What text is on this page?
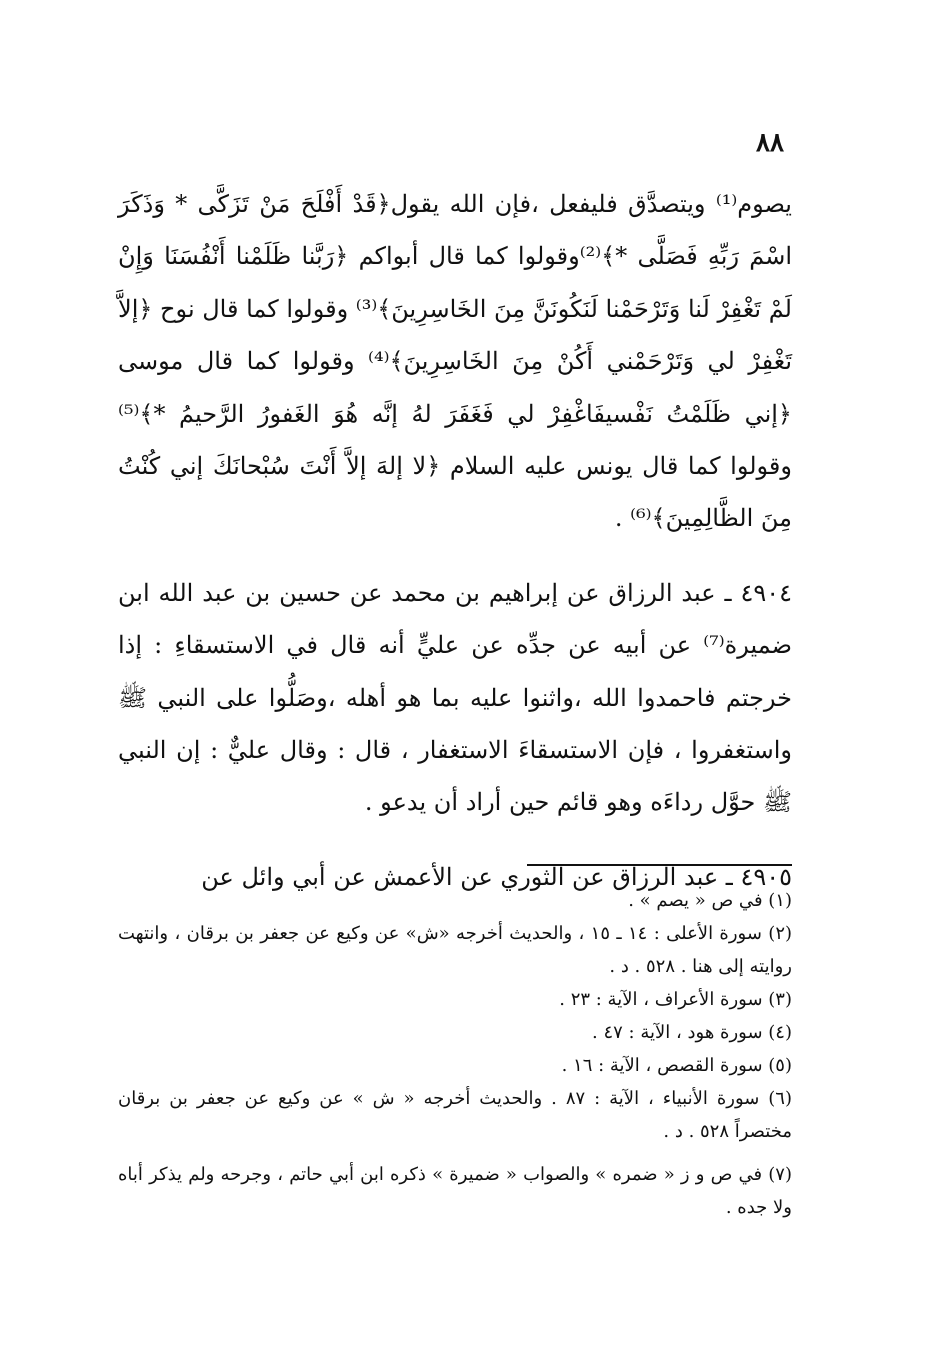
٨٨

يصوم⁽¹⁾ ويتصدَّق فليفعل ،فإن الله يقول﴿قَدْ أَفْلَحَ مَنْ تَزَكَّى * وَذَكَرَ اسْمَ رَبِّهِ فَصَلَّى *﴾⁽²⁾وقولوا كما قال أبواكم ﴿رَبَّنا ظَلَمْنا أَنْفُسَنَا وَإِنْ لَمْ تَغْفِرْ لَنا وَتَرْحَمْنا لَنَكُونَنَّ مِنَ الخَاسِرِينَ﴾⁽³⁾ وقولوا كما قال نوح ﴿إلاَّ تَغْفِرْ لي وَتَرْحَمْني أَكُنْ مِنَ الخَاسِرِينَ﴾⁽⁴⁾ وقولوا كما قال موسى ﴿إني ظَلَمْتُ نَفْسيفَاغْفِرْ لي فَغَفَرَ لهُ إنَّه هُوَ الغَفورُ الرَّحيمُ *﴾⁽⁵⁾وقولوا كما قال يونس عليه السلام ﴿لا إلهَ إلاَّ أَنْتَ سُبْحانَكَ إني كُنْتُ مِنَ الظَّالِمِينَ﴾⁽⁶⁾ .

٤٩٠٤ ـ عبد الرزاق عن إبراهيم بن محمد عن حسين بن عبد الله ابن ضميرة⁽⁷⁾ عن أبيه عن جدِّه عن عليٍّ أنه قال في الاستسقاءِ : إذا خرجتم فاحمدوا الله ،واثنوا عليه بما هو أهله ،وصَلُّوا على النبي ﷺ واستغفروا ، فإن الاستسقاءَ الاستغفار ، قال : وقال عليٌّ : إن النبي ﷺ حوَّل رداءَه وهو قائم حين أراد أن يدعو .

٤٩٠٥ ـ عبد الرزاق عن الثوري عن الأعمش عن أبي وائل عن

(١) في ص « يصم » .

(٢) سورة الأعلى : ١٤ ـ ١٥ ، والحديث أخرجه «ش» عن وكيع عن جعفر بن برقان ، وانتهت روايته إلى هنا . ٥٢٨ . د .

(٣) سورة الأعراف ، الآية : ٢٣ .

(٤) سورة هود ، الآية : ٤٧ .

(٥) سورة القصص ، الآية : ١٦ .

(٦) سورة الأنبياء ، الآية : ٨٧ . والحديث أخرجه « ش » عن وكيع عن جعفر بن برقان مختصراً ٥٢٨ . د .

(٧) في ص و ز « ضمره » والصواب « ضميرة » ذكره ابن أبي حاتم ، وجرحه ولم يذكر أباه ولا جده .
